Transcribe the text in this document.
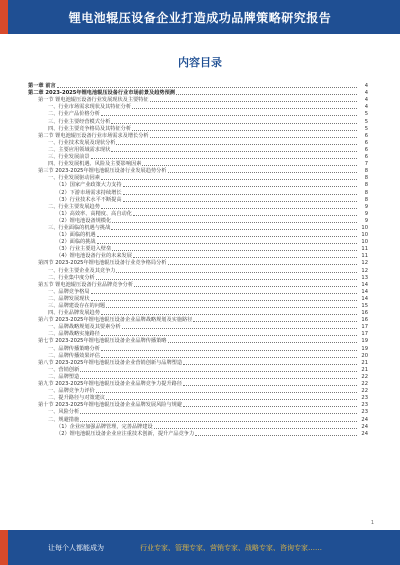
锂电池辊压设备企业打造成功品牌策略研究报告
内容目录
第一章 前言	4
第二章 2023-2025年锂电池辊压设备行业市场前景及趋势预测	4
第一节 锂电池辊压设备行业发展现状及主要特征	4
一、行业市场需求现状及其特征分析	4
二、行业产品价格分析	5
三、行业主要经营模式分析	5
四、行业主要竞争格局及其特征分析	5
第二节 锂电池辊压设备行业市场需求及增长分析	6
一、行业技术发展及现状分析	6
二、主要应用领域需求现状	6
三、行业发展前景	6
四、行业发展机遇、风险及主要影响因素	7
第三节 2023-2025年锂电池辊压设备行业发展趋势分析	8
一、行业发展驱动因素	8
（1）国家产业政策大力支持	8
（2）下游市场需求持续增长	8
（3）行业技术水平不断提高	8
二、行业主要发展趋势	9
（1）高效率、高精度、高自动化	9
（2）锂电池设备规模化	9
三、行业面临的机遇与挑战	10
（1）面临的机遇	10
（2）面临的挑战	10
（3）行业主要进入壁垒	11
（4）锂电池设备行业的未来发展	11
第四节 2023-2025年锂电池辊压设备行业竞争格局分析	12
一、行业主要企业及其竞争力	12
二、行业集中度分析	13
第五节 锂电池辊压设备行业品牌竞争分析	14
一、品牌竞争格局	14
二、品牌发展现状	14
三、品牌建设存在的问题	15
四、行业品牌发展趋势	16
第六节 2023-2025年锂电池辊压设备企业品牌战略规划及实施路径	16
一、品牌战略规划及其要素分析	17
二、品牌战略实施路径	17
第七节 2023-2025年锂电池辊压设备企业品牌传播策略	19
一、品牌传播策略分析	19
二、品牌传播效果评估	20
第八节 2023-2025年锂电池辊压设备企业营销创新与品牌塑造	21
一、营销创新	21
二、品牌塑造	22
第九节 2023-2025年锂电池辊压设备企业品牌竞争力提升路径	22
一、品牌竞争力评价	22
二、提升路径与对策建议	23
第十节 2023-2025年锂电池辊压设备企业品牌发展风险与规避	23
一、风险分析	23
二、规避措施	24
（1）企业应加强品牌管理，完善品牌建设	24
（2）锂电池辊压设备企业应注重技术创新，提升产品竞争力	24
1
让每个人都能成为	行业专家、管理专家、营销专家、战略专家、咨询专家……
